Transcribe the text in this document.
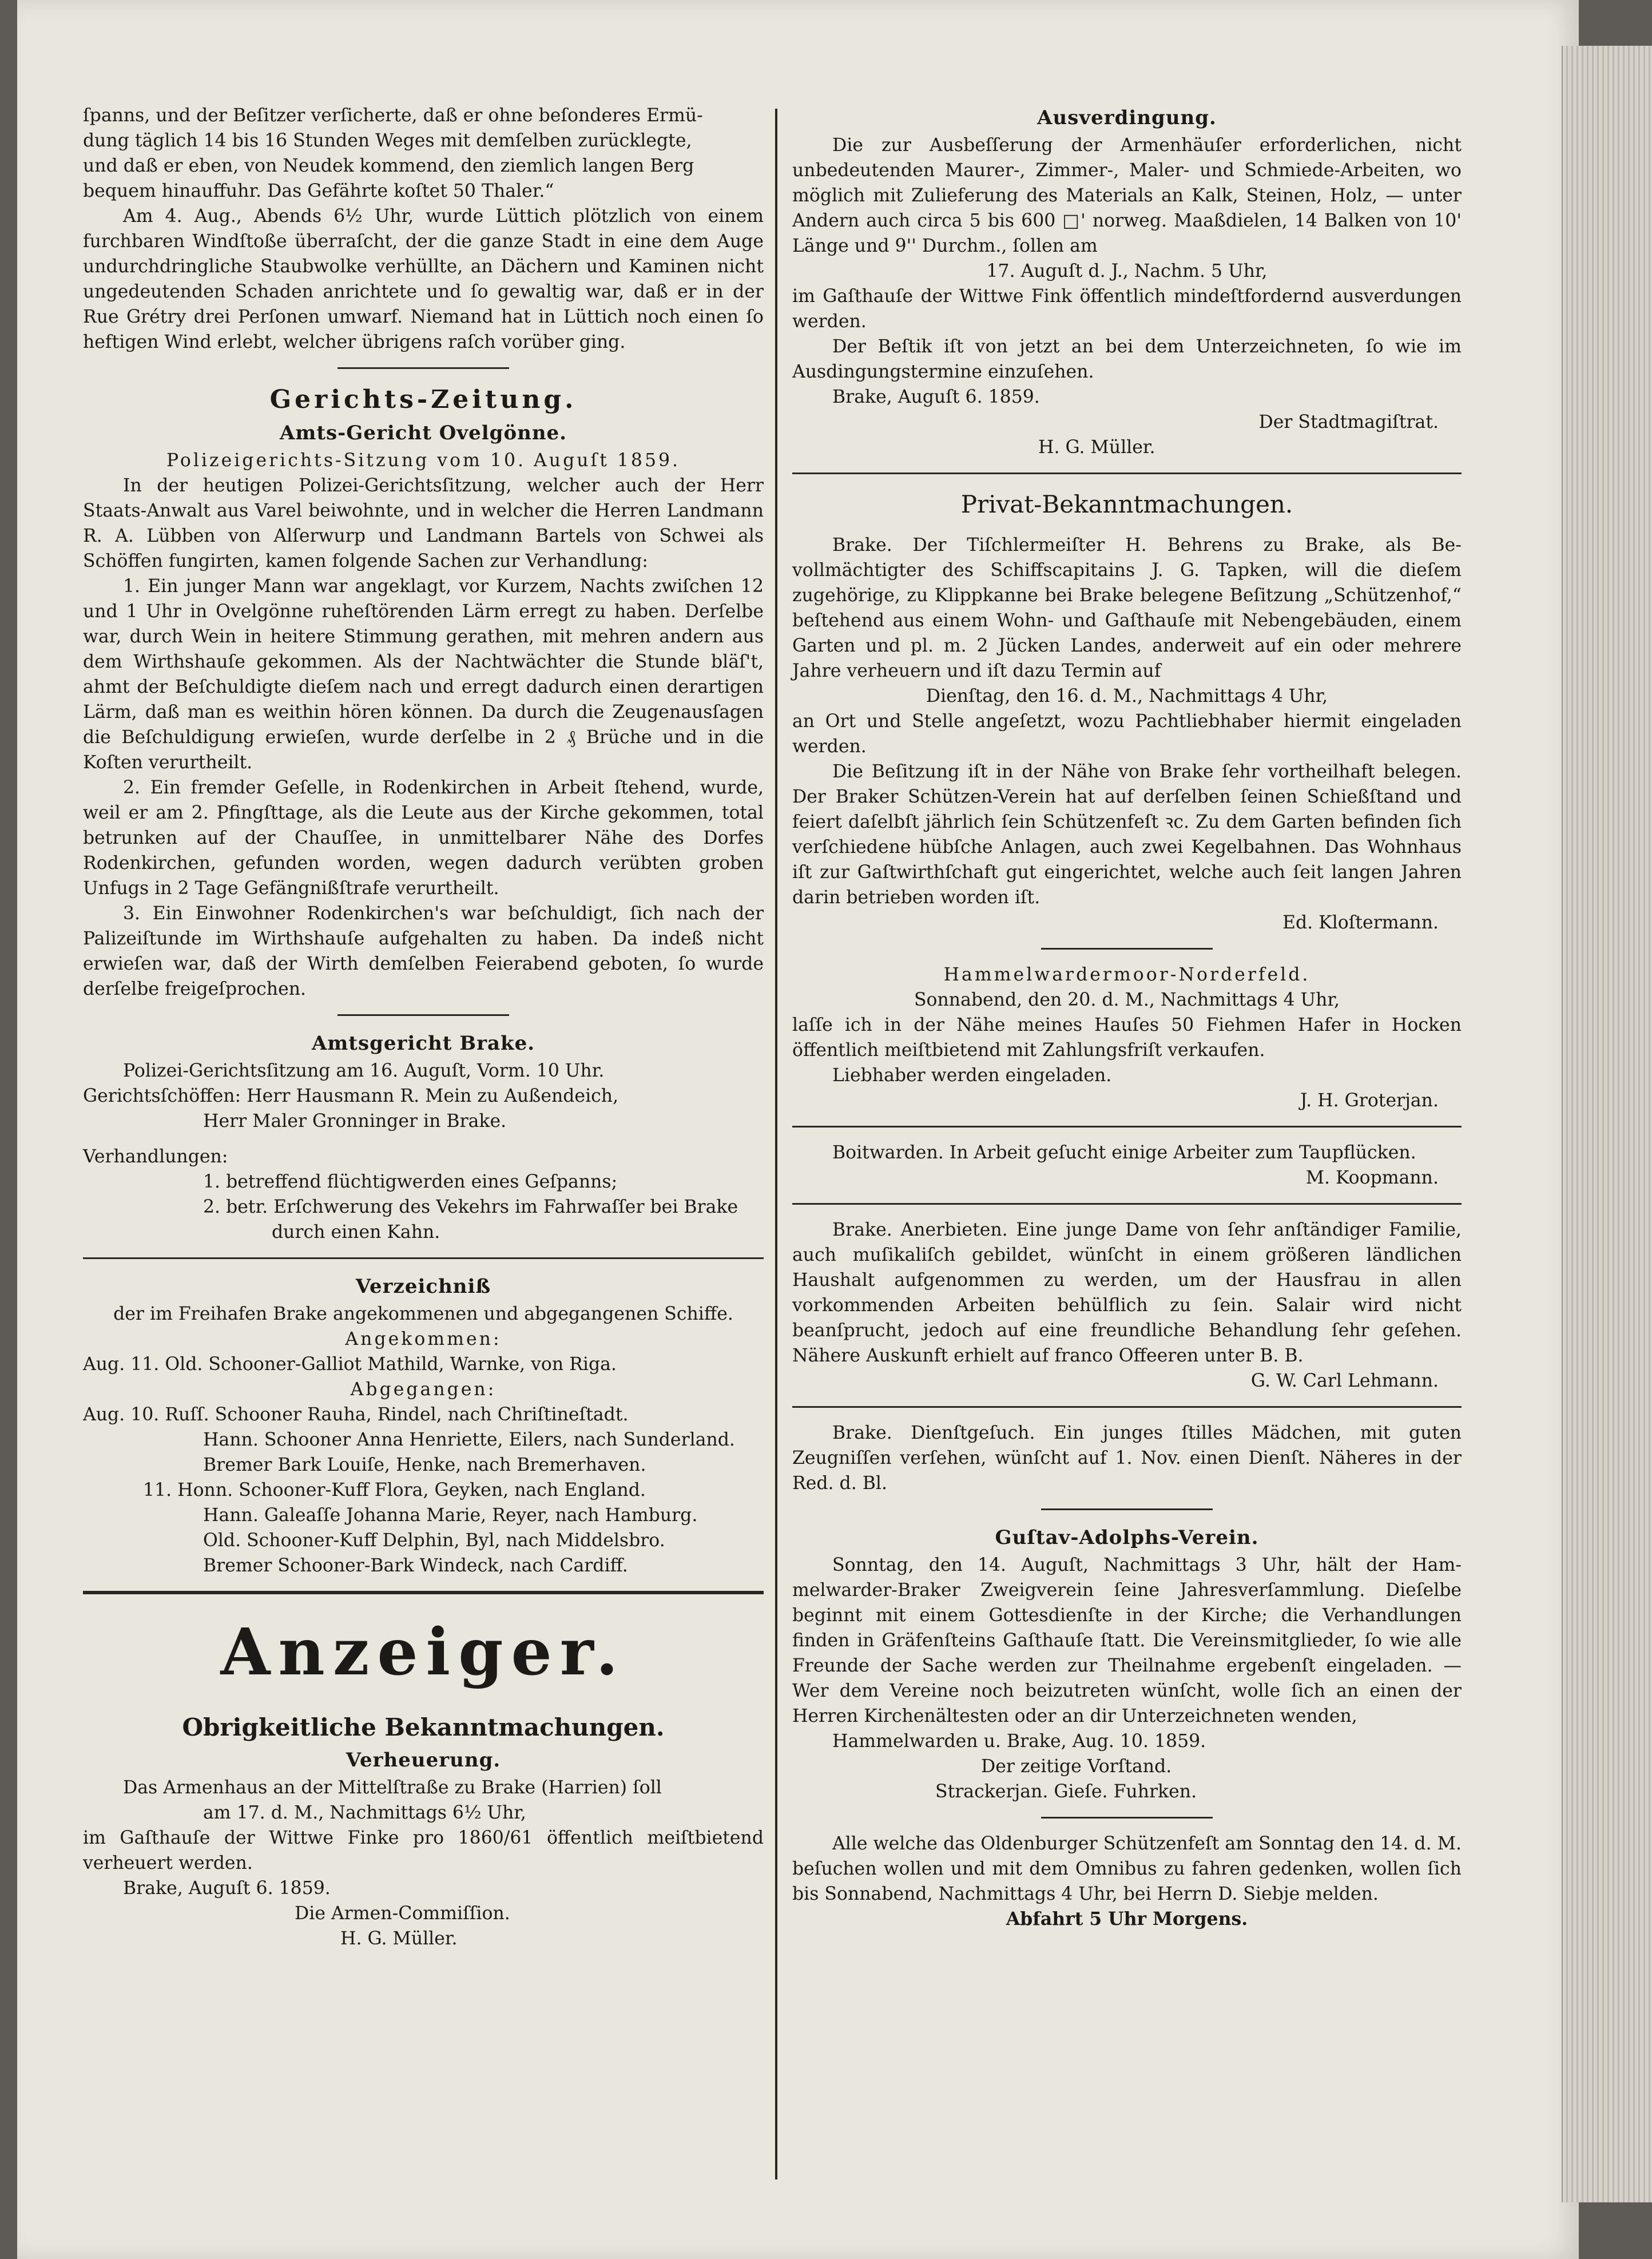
ſpanns, und der Beſitzer verſicherte, daß er ohne beſonderes Ermü-

dung täglich 14 bis 16 Stunden Weges mit demſelben zurücklegte,

und daß er eben, von Neudek kommend, den ziemlich langen Berg

bequem hinauffuhr. Das Gefährte koſtet 50 Thaler.“

Am 4. Aug., Abends 6½ Uhr, wurde Lüttich plötzlich von einem furchbaren Windſtoße überraſcht, der die ganze Stadt in eine dem Auge undurchdringliche Staubwolke verhüllte, an Dächern und Kaminen nicht ungedeutenden Schaden anrichtete und ſo gewaltig war, daß er in der Rue Grétry drei Perſonen umwarf. Niemand hat in Lüttich noch einen ſo heftigen Wind erlebt, welcher übrigens raſch vorüber ging.

Gerichts-Zeitung.

Amts-Gericht Ovelgönne.

Polizeigerichts-Sitzung vom 10. Auguſt 1859.

In der heutigen Polizei-Gerichtsſitzung, welcher auch der Herr Staats-Anwalt aus Varel beiwohnte, und in welcher die Herren Landmann R. A. Lübben von Alſerwurp und Landmann Bartels von Schwei als Schöffen fungirten, kamen folgende Sachen zur Verhandlung:

1. Ein junger Mann war angeklagt, vor Kurzem, Nachts zwiſchen 12 und 1 Uhr in Ovelgönne ruheſtörenden Lärm erregt zu haben. Derſelbe war, durch Wein in heitere Stimmung gerathen, mit mehren andern aus dem Wirthshauſe gekommen. Als der Nachtwächter die Stunde bläſ't, ahmt der Beſchuldigte dieſem nach und erregt dadurch einen derartigen Lärm, daß man es weithin hören können. Da durch die Zeugenausſagen die Beſchuldigung erwieſen, wurde derſelbe in 2 ₰ Brüche und in die Koſten verurtheilt.

2. Ein fremder Geſelle, in Rodenkirchen in Arbeit ſtehend, wurde, weil er am 2. Pfingſttage, als die Leute aus der Kirche gekommen, total betrunken auf der Chauſſee, in unmittelbarer Nähe des Dorfes Rodenkirchen, gefunden worden, wegen dadurch verübten groben Unfugs in 2 Tage Gefängnißſtrafe verurtheilt.

3. Ein Einwohner Rodenkirchen's war beſchuldigt, ſich nach der Palizeiſtunde im Wirthshauſe aufgehalten zu haben. Da indeß nicht erwieſen war, daß der Wirth demſelben Feierabend geboten, ſo wurde derſelbe freigeſprochen.

Amtsgericht Brake.

Polizei-Gerichtsſitzung am 16. Auguſt, Vorm. 10 Uhr.

Gerichtsſchöffen: Herr Hausmann R. Mein zu Außendeich,

Herr Maler Gronninger in Brake.

Verhandlungen:

1. betreffend flüchtigwerden eines Geſpanns;

2. betr. Erſchwerung des Vekehrs im Fahrwaſſer bei Brake

durch einen Kahn.

Verzeichniß

der im Freihafen Brake angekommenen und abgegangenen Schiffe.

Angekommen:

Aug. 11. Old. Schooner-Galliot Mathild, Warnke, von Riga.

Abgegangen:

Aug. 10. Ruſſ. Schooner Rauha, Rindel, nach Chriſtineſtadt.

Hann. Schooner Anna Henriette, Eilers, nach Sunderland.

Bremer Bark Louiſe, Henke, nach Bremerhaven.

11. Honn. Schooner-Kuff Flora, Geyken, nach England.

Hann. Galeaſſe Johanna Marie, Reyer, nach Hamburg.

Old. Schooner-Kuff Delphin, Byl, nach Middelsbro.

Bremer Schooner-Bark Windeck, nach Cardiff.

Anzeiger.

Obrigkeitliche Bekanntmachungen.

Verheuerung.

Das Armenhaus an der Mittelſtraße zu Brake (Harrien) ſoll

am 17. d. M., Nachmittags 6½ Uhr,

im Gaſthauſe der Wittwe Finke pro 1860/61 öffentlich meiſtbietend verheuert werden.

Brake, Auguſt 6. 1859.

Die Armen-Commiſſion.

H. G. Müller.

Ausverdingung.

Die zur Ausbeſſerung der Armenhäuſer erforderlichen, nicht unbedeutenden Maurer-, Zimmer-, Maler- und Schmiede-Arbeiten, wo möglich mit Zulieferung des Materials an Kalk, Steinen, Holz, — unter Andern auch circa 5 bis 600 □' norweg. Maaßdielen, 14 Balken von 10' Länge und 9'' Durchm., ſollen am

17. Auguſt d. J., Nachm. 5 Uhr,

im Gaſthauſe der Wittwe Fink öffentlich mindeſtfordernd ausverdungen werden.

Der Beſtik iſt von jetzt an bei dem Unterzeichneten, ſo wie im Ausdingungstermine einzuſehen.

Brake, Auguſt 6. 1859.

Der Stadtmagiſtrat.

H. G. Müller.

Privat-Bekanntmachungen.

Brake. Der Tiſchlermeiſter H. Behrens zu Brake, als Bevollmächtigter des Schiffscapitains J. G. Tapken, will die dieſem zugehörige, zu Klippkanne bei Brake belegene Beſitzung „Schützenhof,“ beſtehend aus einem Wohn- und Gaſthauſe mit Nebengebäuden, einem Garten und pl. m. 2 Jücken Landes, anderweit auf ein oder mehrere Jahre verheuern und iſt dazu Termin auf

Dienſtag, den 16. d. M., Nachmittags 4 Uhr,

an Ort und Stelle angeſetzt, wozu Pachtliebhaber hiermit eingeladen werden.

Die Beſitzung iſt in der Nähe von Brake ſehr vortheilhaft belegen. Der Braker Schützen-Verein hat auf derſelben ſeinen Schießſtand und feiert daſelbſt jährlich ſein Schützenfeſt ꝛc. Zu dem Garten befinden ſich verſchiedene hübſche Anlagen, auch zwei Kegelbahnen. Das Wohnhaus iſt zur Gaſtwirthſchaft gut eingerichtet, welche auch ſeit langen Jahren darin betrieben worden iſt.

Ed. Kloſtermann.

Hammelwardermoor-Norderfeld.

Sonnabend, den 20. d. M., Nachmittags 4 Uhr,

laſſe ich in der Nähe meines Hauſes 50 Fiehmen Hafer in Hocken öffentlich meiſtbietend mit Zahlungsfriſt verkaufen.

Liebhaber werden eingeladen.

J. H. Groterjan.

Boitwarden. In Arbeit geſucht einige Arbeiter zum Taupflücken.

M. Koopmann.

Brake. Anerbieten. Eine junge Dame von ſehr anſtändiger Familie, auch muſikaliſch gebildet, wünſcht in einem größeren ländlichen Haushalt aufgenommen zu werden, um der Hausfrau in allen vorkommenden Arbeiten behülflich zu ſein. Salair wird nicht beanſprucht, jedoch auf eine freundliche Behandlung ſehr geſehen. Nähere Auskunft erhielt auf franco Offeeren unter B. B.

G. W. Carl Lehmann.

Brake. Dienſtgeſuch. Ein junges ſtilles Mädchen, mit guten Zeugniſſen verſehen, wünſcht auf 1. Nov. einen Dienſt. Näheres in der Red. d. Bl.

Guſtav-Adolphs-Verein.

Sonntag, den 14. Auguſt, Nachmittags 3 Uhr, hält der Hammelwarder-Braker Zweigverein ſeine Jahresverſammlung. Dieſelbe beginnt mit einem Gottesdienſte in der Kirche; die Verhandlungen finden in Gräfenſteins Gaſthauſe ſtatt. Die Vereinsmitglieder, ſo wie alle Freunde der Sache werden zur Theilnahme ergebenſt eingeladen. — Wer dem Vereine noch beizutreten wünſcht, wolle ſich an einen der Herren Kirchenältesten oder an dir Unterzeichneten wenden,

Hammelwarden u. Brake, Aug. 10. 1859.

Der zeitige Vorſtand.

Strackerjan. Gieſe. Fuhrken.

Alle welche das Oldenburger Schützenfeſt am Sonntag den 14. d. M. beſuchen wollen und mit dem Omnibus zu fahren gedenken, wollen ſich bis Sonnabend, Nachmittags 4 Uhr, bei Herrn D. Siebje melden.

Abfahrt 5 Uhr Morgens.
